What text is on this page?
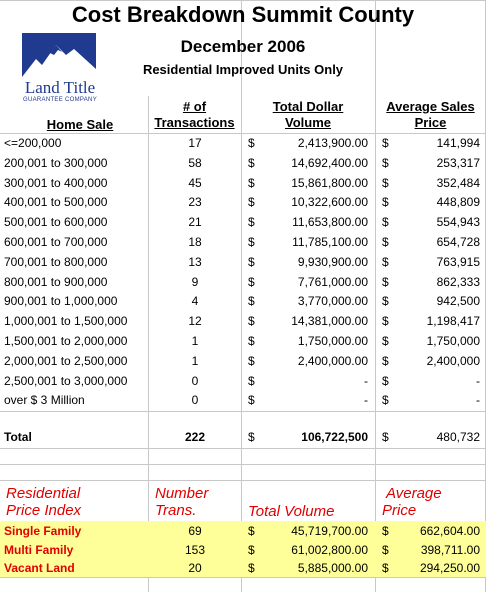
Cost Breakdown Summit County
December 2006
Residential Improved Units Only
Land Title
GUARANTEE COMPANY
Home Sale
# of
Transactions
Total Dollar
Volume
Average Sales
Price
<=200,000	17	$	2,413,900.00 $	141,994
200,001 to 300,000	58	$	14,692,400.00 $	253,317
300,001 to 400,000	45	$	15,861,800.00 $	352,484
400,001 to 500,000	23	$	10,322,600.00 $	448,809
500,001 to 600,000	21	$	11,653,800.00 $	554,943
600,001 to 700,000	18	$	11,785,100.00 $	654,728
700,001 to 800,000	13	$	9,930,900.00 $	763,915
800,001 to 900,000	9	$	7,761,000.00 $	862,333
900,001 to 1,000,000	4	$	3,770,000.00 $	942,500
1,000,001 to 1,500,000	12	$	14,381,000.00 $	1,198,417
1,500,001 to 2,000,000	1	$	1,750,000.00 $	1,750,000
2,000,001 to 2,500,000	1	$	2,400,000.00 $	2,400,000
2,500,001 to 3,000,000	0	$	- $	-
over $ 3 Million	0	$	- $	-
Total	222	$	106,722,500 $	480,732
Residential
Price Index
Number
Trans.	Total Volume
Average
Price
Single Family	69	$	45,719,700.00 $	662,604.00
Multi Family	153	$	61,002,800.00 $	398,711.00
Vacant Land	20	$	5,885,000.00 $	294,250.00
